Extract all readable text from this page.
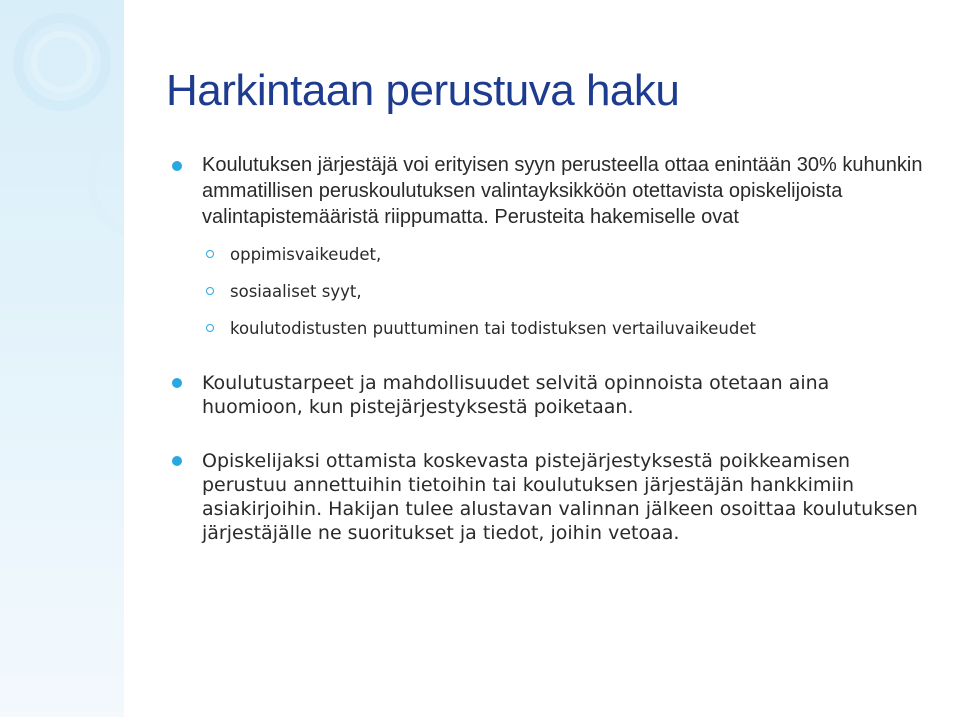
Harkintaan perustuva haku
Koulutuksen järjestäjä voi erityisen syyn perusteella ottaa enintään 30% kuhunkin ammatillisen peruskoulutuksen valintayksikköön otettavista opiskelijoista valintapistemääristä riippumatta. Perusteita hakemiselle ovat
oppimisvaikeudet,
sosiaaliset syyt,
koulutodistusten puuttuminen tai todistuksen vertailuvaikeudet
Koulutustarpeet ja mahdollisuudet selvitä opinnoista otetaan aina huomioon, kun pistejärjestyksestä poiketaan.
Opiskelijaksi ottamista koskevasta pistejärjestyksestä poikkeamisen perustuu annettuihin tietoihin tai koulutuksen järjestäjän hankkimiin asiakirjoihin. Hakijan tulee alustavan valinnan jälkeen osoittaa koulutuksen järjestäjälle ne suoritukset ja tiedot, joihin vetoaa.
